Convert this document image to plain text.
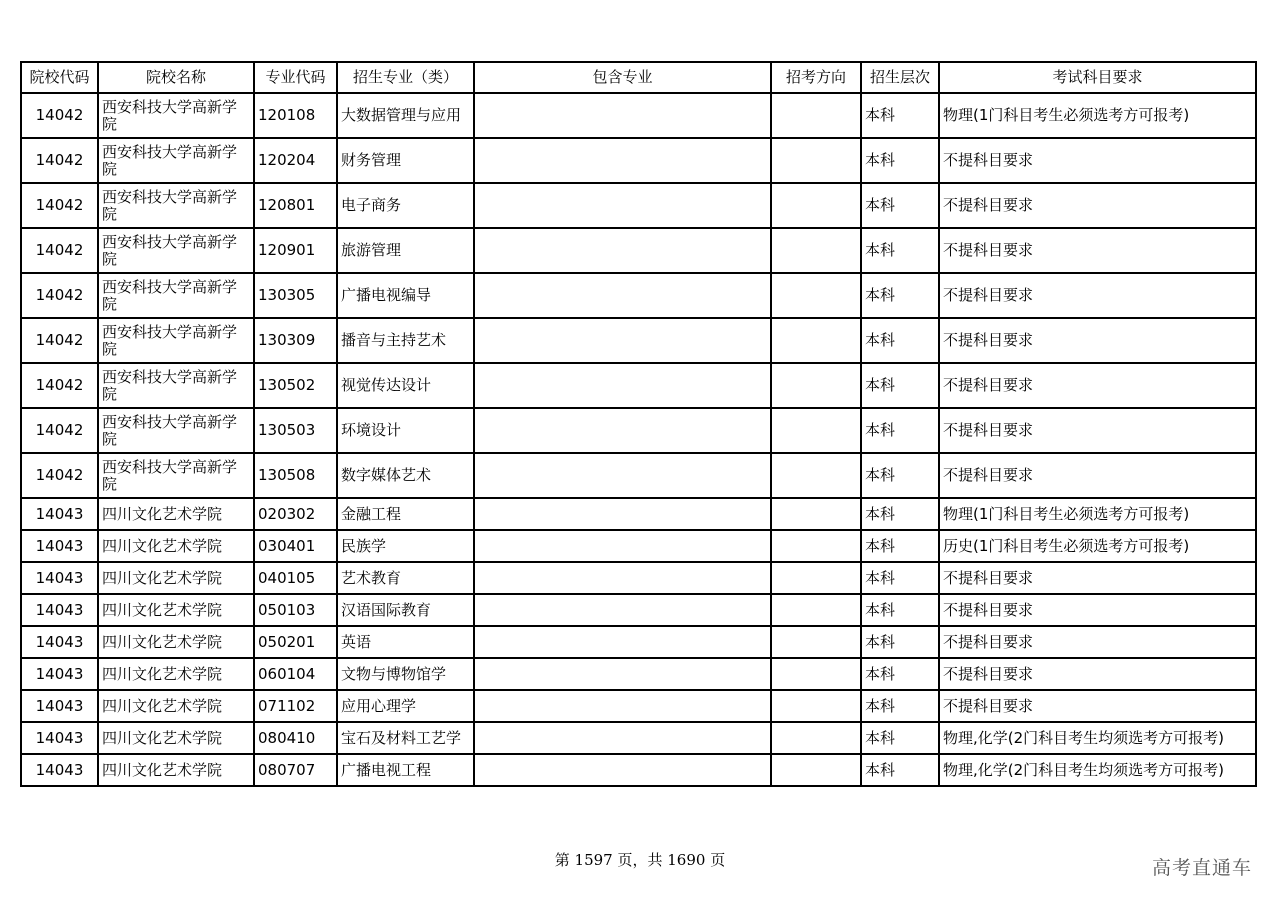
院校代码	院校名称	专业代码	招生专业（类）	包含专业	招考方向	招生层次	考试科目要求
14042	西安科技大学高新学院	120108	大数据管理与应用			本科	物理(1门科目考生必须选考方可报考)
14042	西安科技大学高新学院	120204	财务管理			本科	不提科目要求
14042	西安科技大学高新学院	120801	电子商务			本科	不提科目要求
14042	西安科技大学高新学院	120901	旅游管理			本科	不提科目要求
14042	西安科技大学高新学院	130305	广播电视编导			本科	不提科目要求
14042	西安科技大学高新学院	130309	播音与主持艺术			本科	不提科目要求
14042	西安科技大学高新学院	130502	视觉传达设计			本科	不提科目要求
14042	西安科技大学高新学院	130503	环境设计			本科	不提科目要求
14042	西安科技大学高新学院	130508	数字媒体艺术			本科	不提科目要求
14043	四川文化艺术学院	020302	金融工程			本科	物理(1门科目考生必须选考方可报考)
14043	四川文化艺术学院	030401	民族学			本科	历史(1门科目考生必须选考方可报考)
14043	四川文化艺术学院	040105	艺术教育			本科	不提科目要求
14043	四川文化艺术学院	050103	汉语国际教育			本科	不提科目要求
14043	四川文化艺术学院	050201	英语			本科	不提科目要求
14043	四川文化艺术学院	060104	文物与博物馆学			本科	不提科目要求
14043	四川文化艺术学院	071102	应用心理学			本科	不提科目要求
14043	四川文化艺术学院	080410	宝石及材料工艺学			本科	物理,化学(2门科目考生均须选考方可报考)
14043	四川文化艺术学院	080707	广播电视工程			本科	物理,化学(2门科目考生均须选考方可报考)
第 1597 页，共 1690 页	高考直通车
